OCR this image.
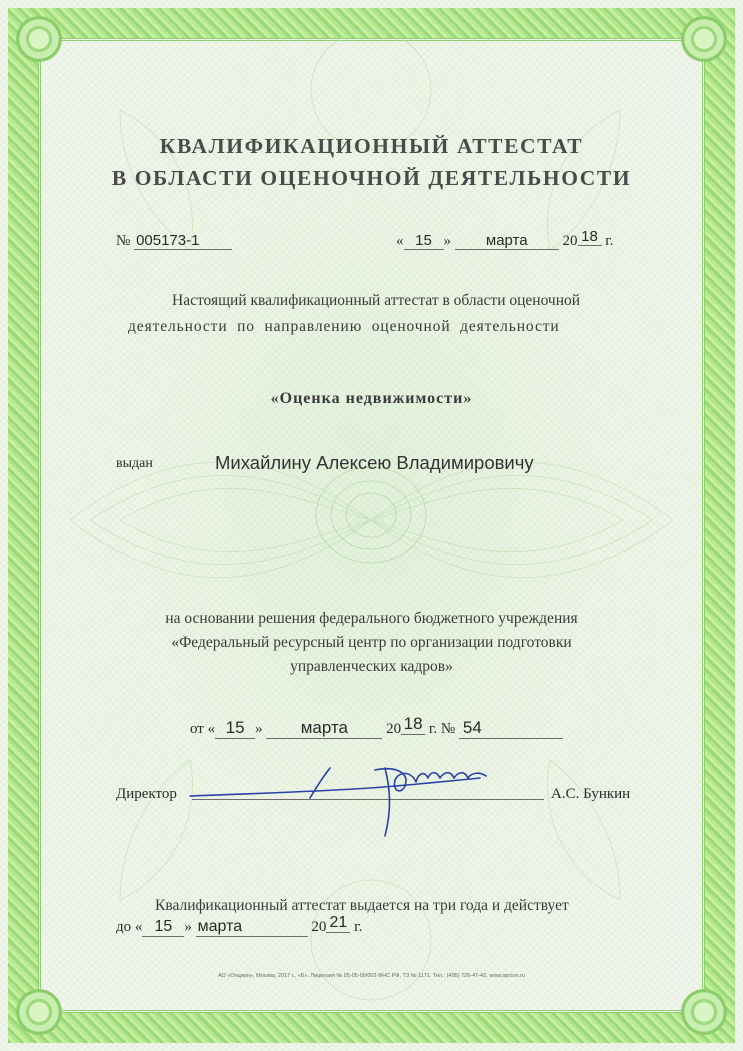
КВАЛИФИКАЦИОННЫЙ АТТЕСТАТ
В ОБЛАСТИ ОЦЕНОЧНОЙ ДЕЯТЕЛЬНОСТИ
№ 005173-1	« 15 » марта 20 18 г.
Настоящий квалификационный аттестат в области оценочной
деятельности  по  направлению  оценочной  деятельности
«Оценка недвижимости»
выдан	Михайлину Алексею Владимировичу
на основании решения федерального бюджетного учреждения
«Федеральный ресурсный центр по организации подготовки
управленческих кадров»
от « 15 » марта	20 18 г. № 54
Директор	А.С. Бункин
Квалификационный аттестат выдается на три года и действует
до « 15 » марта	20 21 г.
АО «Опцион», Москва, 2017 г., «Б». Лицензия № 05-05-09/003 ФНС РФ, ТЗ № 1171. Тел.: (495) 726-47-42, www.opcion.ru
